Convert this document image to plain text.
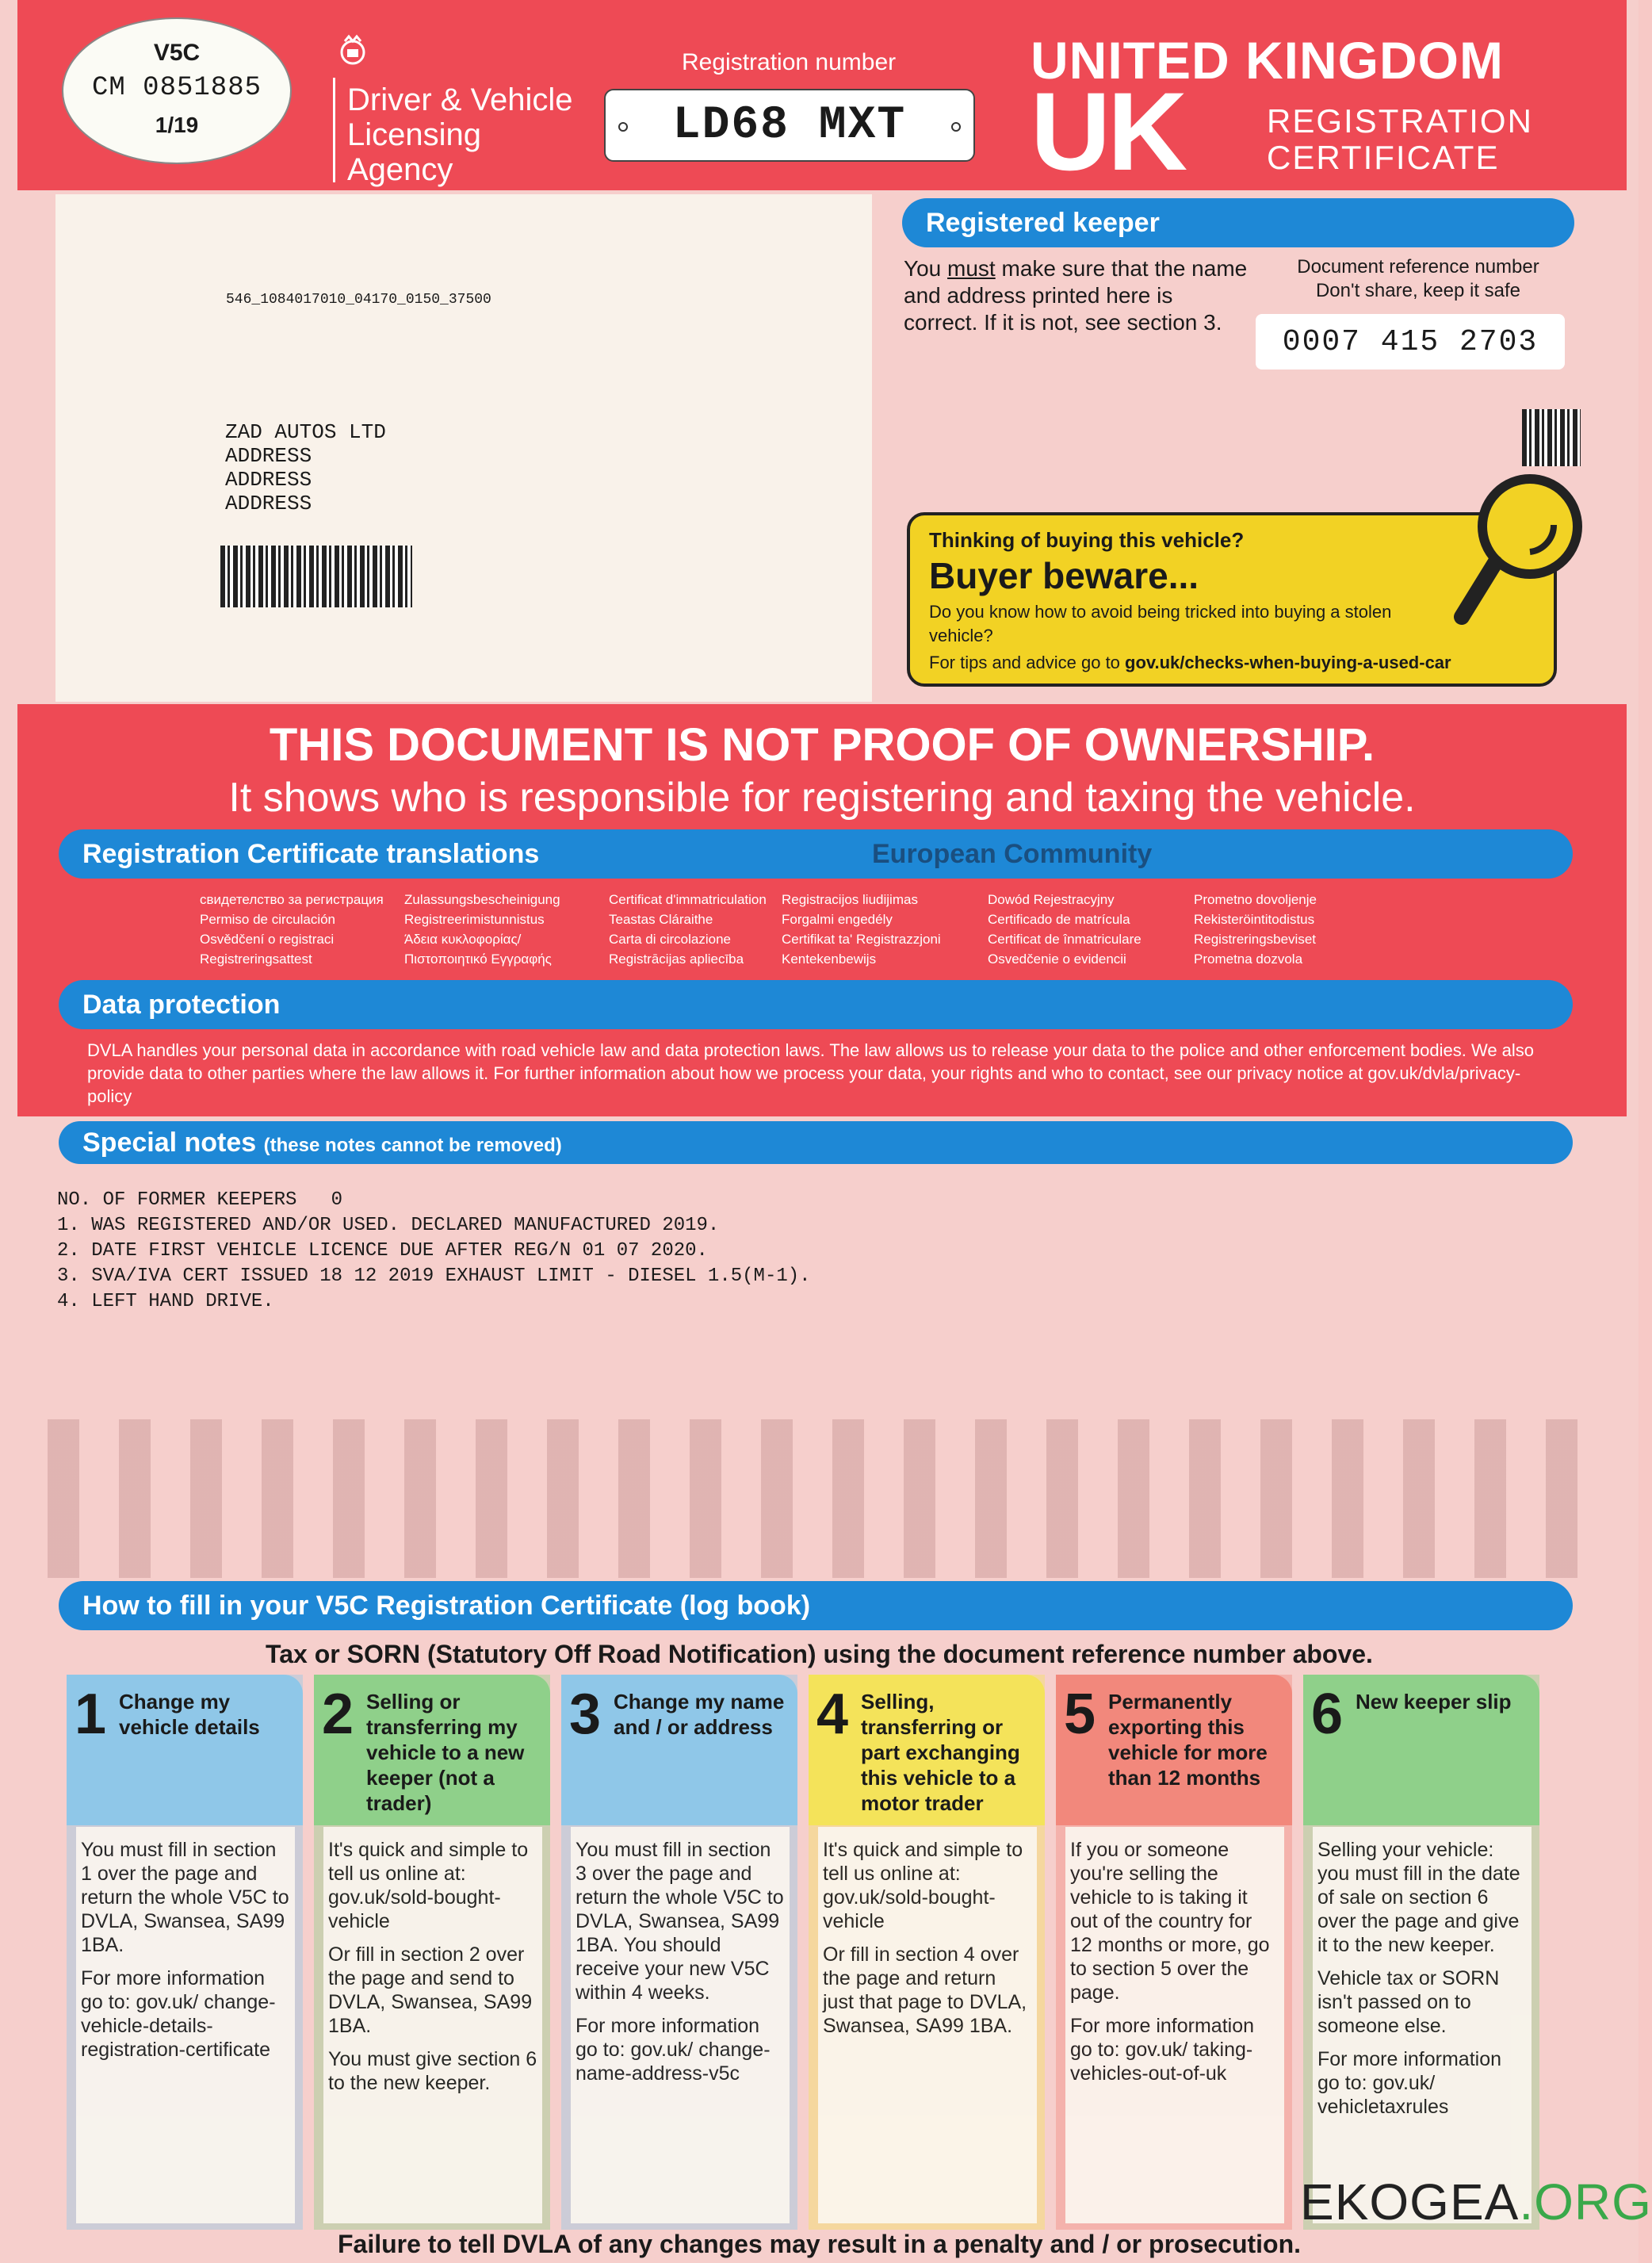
V5C
CM 0851885
1/19
Driver & Vehicle
Licensing
Agency
Registration number
LD68 MXT
UNITED KINGDOM
UK REGISTRATION
CERTIFICATE
546_1084017010_04170_0150_37500
ZAD AUTOS LTD
ADDRESS
ADDRESS
ADDRESS
Registered keeper
You must make sure that the name and address printed here is correct. If it is not, see section 3.
Document reference number
Don't share, keep it safe
0007 415 2703
Thinking of buying this vehicle?
Buyer beware...
Do you know how to avoid being tricked into buying a stolen vehicle?
For tips and advice go to gov.uk/checks-when-buying-a-used-car
THIS DOCUMENT IS NOT PROOF OF OWNERSHIP.
It shows who is responsible for registering and taxing the vehicle.
Registration Certificate translations	European Community
свидетелство за регистрация
Permiso de circulación
Osvědčení o registraci
Registreringsattest
Zulassungsbescheinigung
Registreerimistunnistus
Άδεια κυκλοφορίας/
Πιστοποιητικό Εγγραφής
Certificat d'immatriculation
Teastas Cláraithe
Carta di circolazione
Registrācijas apliecība
Registracijos liudijimas
Forgalmi engedély
Certifikat ta' Registrazzjoni
Kentekenbewijs
Dowód Rejestracyjny
Certificado de matrícula
Certificat de înmatriculare
Osvedčenie o evidencii
Prometno dovoljenje
Rekisteröintitodistus
Registreringsbeviset
Prometna dozvola
Data protection
DVLA handles your personal data in accordance with road vehicle law and data protection laws. The law allows us to release your data to the police and other enforcement bodies. We also provide data to other parties where the law allows it. For further information about how we process your data, your rights and who to contact, see our privacy notice at gov.uk/dvla/privacy-policy
Special notes (these notes cannot be removed)
NO. OF FORMER KEEPERS   0
1. WAS REGISTERED AND/OR USED. DECLARED MANUFACTURED 2019.
2. DATE FIRST VEHICLE LICENCE DUE AFTER REG/N 01 07 2020.
3. SVA/IVA CERT ISSUED 18 12 2019 EXHAUST LIMIT - DIESEL 1.5(M-1).
4. LEFT HAND DRIVE.
How to fill in your V5C Registration Certificate (log book)
Tax or SORN (Statutory Off Road Notification) using the document reference number above.
1 Change my vehicle details

You must fill in section 1 over the page and return the whole V5C to DVLA, Swansea, SA99 1BA.

For more information go to: gov.uk/ change-vehicle-details-registration-certificate

2 Selling or transferring my vehicle to a new keeper (not a trader)

It's quick and simple to tell us online at: gov.uk/sold-bought-vehicle

Or fill in section 2 over the page and send to DVLA, Swansea, SA99 1BA.

You must give section 6 to the new keeper.

3 Change my name and / or address

You must fill in section 3 over the page and return the whole V5C to DVLA, Swansea, SA99 1BA. You should receive your new V5C within 4 weeks.

For more information go to: gov.uk/ change-name-address-v5c

4 Selling, transferring or part exchanging this vehicle to a motor trader

It's quick and simple to tell us online at: gov.uk/sold-bought-vehicle

Or fill in section 4 over the page and return just that page to DVLA, Swansea, SA99 1BA.

5 Permanently exporting this vehicle for more than 12 months

If you or someone you're selling the vehicle to is taking it out of the country for 12 months or more, go to section 5 over the page.

For more information go to: gov.uk/ taking-vehicles-out-of-uk

6 New keeper slip

Selling your vehicle: you must fill in the date of sale on section 6 over the page and give it to the new keeper.

Vehicle tax or SORN isn't passed on to someone else.

For more information go to: gov.uk/ vehicletaxrules

Failure to tell DVLA of any changes may result in a penalty and / or prosecution.
EKOGEA.ORG
